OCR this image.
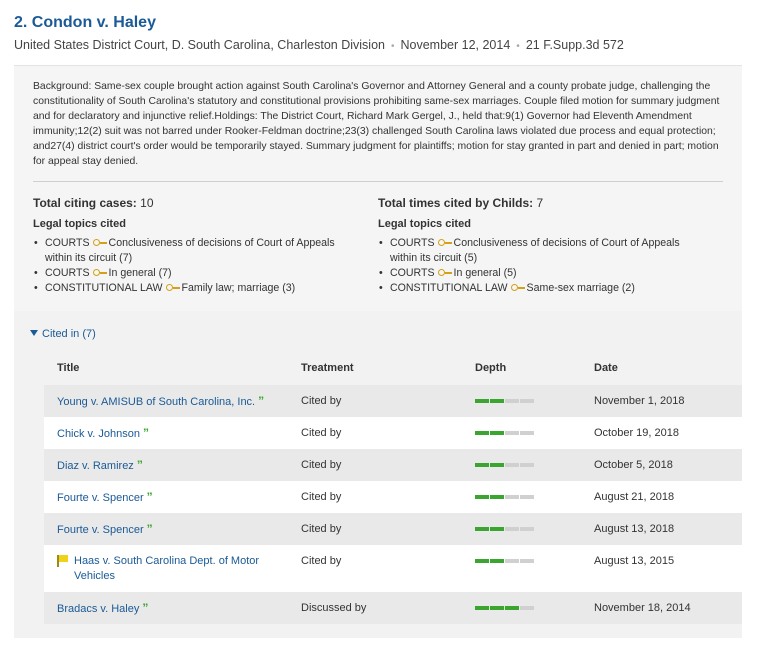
2. Condon v. Haley
United States District Court, D. South Carolina, Charleston Division • November 12, 2014 • 21 F.Supp.3d 572
Background: Same-sex couple brought action against South Carolina's Governor and Attorney General and a county probate judge, challenging the constitutionality of South Carolina's statutory and constitutional provisions prohibiting same-sex marriages. Couple filed motion for summary judgment and for declaratory and injunctive relief.Holdings: The District Court, Richard Mark Gergel, J., held that:9(1) Governor had Eleventh Amendment immunity;12(2) suit was not barred under Rooker-Feldman doctrine;23(3) challenged South Carolina laws violated due process and equal protection; and27(4) district court's order would be temporarily stayed. Summary judgment for plaintiffs; motion for stay granted in part and denied in part; motion for appeal stay denied.
Total citing cases: 10
Legal topics cited
• COURTS Conclusiveness of decisions of Court of Appeals within its circuit (7)
• COURTS In general (7)
• CONSTITUTIONAL LAW Family law; marriage (3)
Total times cited by Childs: 7
Legal topics cited
• COURTS Conclusiveness of decisions of Court of Appeals within its circuit (5)
• COURTS In general (5)
• CONSTITUTIONAL LAW Same-sex marriage (2)
Cited in (7)
Title	Treatment	Depth	Date
Young v. AMISUB of South Carolina, Inc. ”	Cited by	November 1, 2018
Chick v. Johnson ”	Cited by	October 19, 2018
Diaz v. Ramirez ”	Cited by	October 5, 2018
Fourte v. Spencer ”	Cited by	August 21, 2018
Fourte v. Spencer ”	Cited by	August 13, 2018
Haas v. South Carolina Dept. of Motor Vehicles
Cited by	August 13, 2015
Bradacs v. Haley ”	Discussed by	November 18, 2014
